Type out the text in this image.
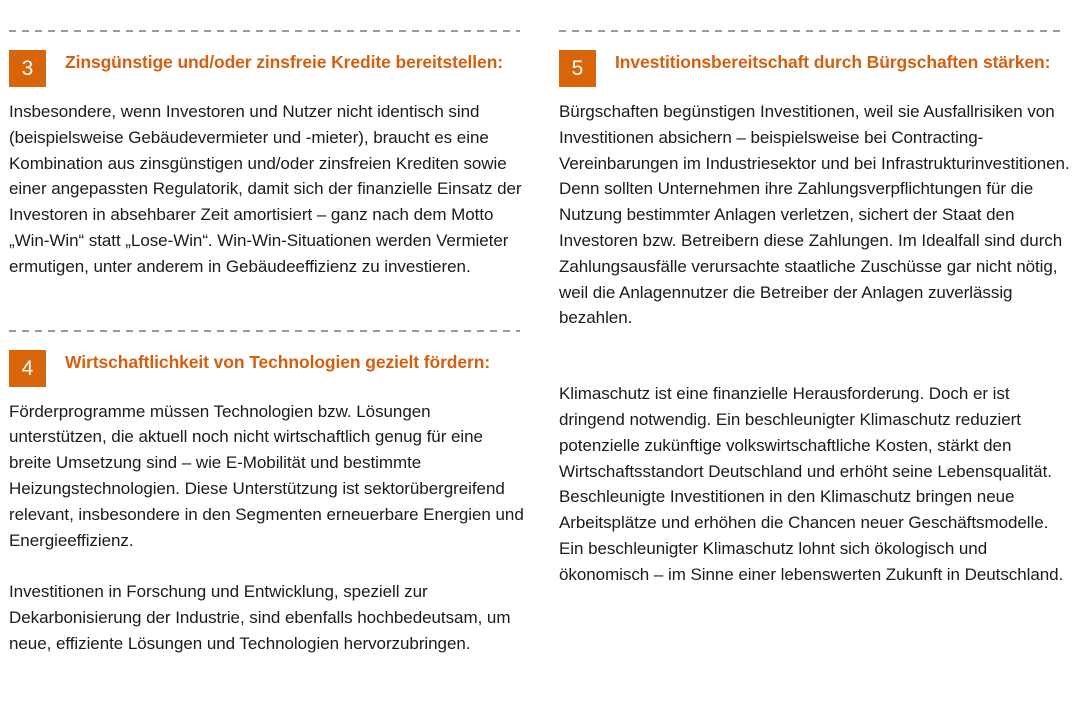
3	Zinsgünstige und/oder zinsfreie Kredite bereitstellen:

Insbesondere, wenn Investoren und Nutzer nicht identisch sind (beispielsweise Gebäudevermieter und -mieter), braucht es eine Kombination aus zinsgünstigen und/oder zinsfreien Krediten sowie einer angepassten Regulatorik, damit sich der finanzielle Einsatz der Investoren in absehbarer Zeit amortisiert – ganz nach dem Motto „Win-Win“ statt „Lose-Win“. Win-Win-Situationen werden Vermieter ermutigen, unter anderem in Gebäudeeffizienz zu investieren.

4	Wirtschaftlichkeit von Technologien gezielt fördern:

Förderprogramme müssen Technologien bzw. Lösungen unterstützen, die aktuell noch nicht wirtschaftlich genug für eine breite Umsetzung sind – wie E-Mobilität und bestimmte Heizungstechnologien. Diese Unterstützung ist sektorübergreifend relevant, insbesondere in den Segmenten erneuerbare Energien und Energieeffizienz.

Investitionen in Forschung und Entwicklung, speziell zur Dekarbonisierung der Industrie, sind ebenfalls hochbedeutsam, um neue, effiziente Lösungen und Technologien hervorzubringen.

5	Investitionsbereitschaft durch Bürgschaften stärken:

Bürgschaften begünstigen Investitionen, weil sie Ausfallrisiken von Investitionen absichern – beispielsweise bei Contracting-Vereinbarungen im Industriesektor und bei Infrastrukturinvestitionen. Denn sollten Unternehmen ihre Zahlungsverpflichtungen für die Nutzung bestimmter Anlagen verletzen, sichert der Staat den Investoren bzw. Betreibern diese Zahlungen. Im Idealfall sind durch Zahlungsausfälle verursachte staatliche Zuschüsse gar nicht nötig, weil die Anlagennutzer die Betreiber der Anlagen zuverlässig bezahlen.

Klimaschutz ist eine finanzielle Herausforderung. Doch er ist dringend notwendig. Ein beschleunigter Klimaschutz reduziert potenzielle zukünftige volkswirtschaftliche Kosten, stärkt den Wirtschaftsstandort Deutschland und erhöht seine Lebensqualität. Beschleunigte Investitionen in den Klimaschutz bringen neue Arbeitsplätze und erhöhen die Chancen neuer Geschäftsmodelle. Ein beschleunigter Klimaschutz lohnt sich ökologisch und ökonomisch – im Sinne einer lebenswerten Zukunft in Deutschland.
